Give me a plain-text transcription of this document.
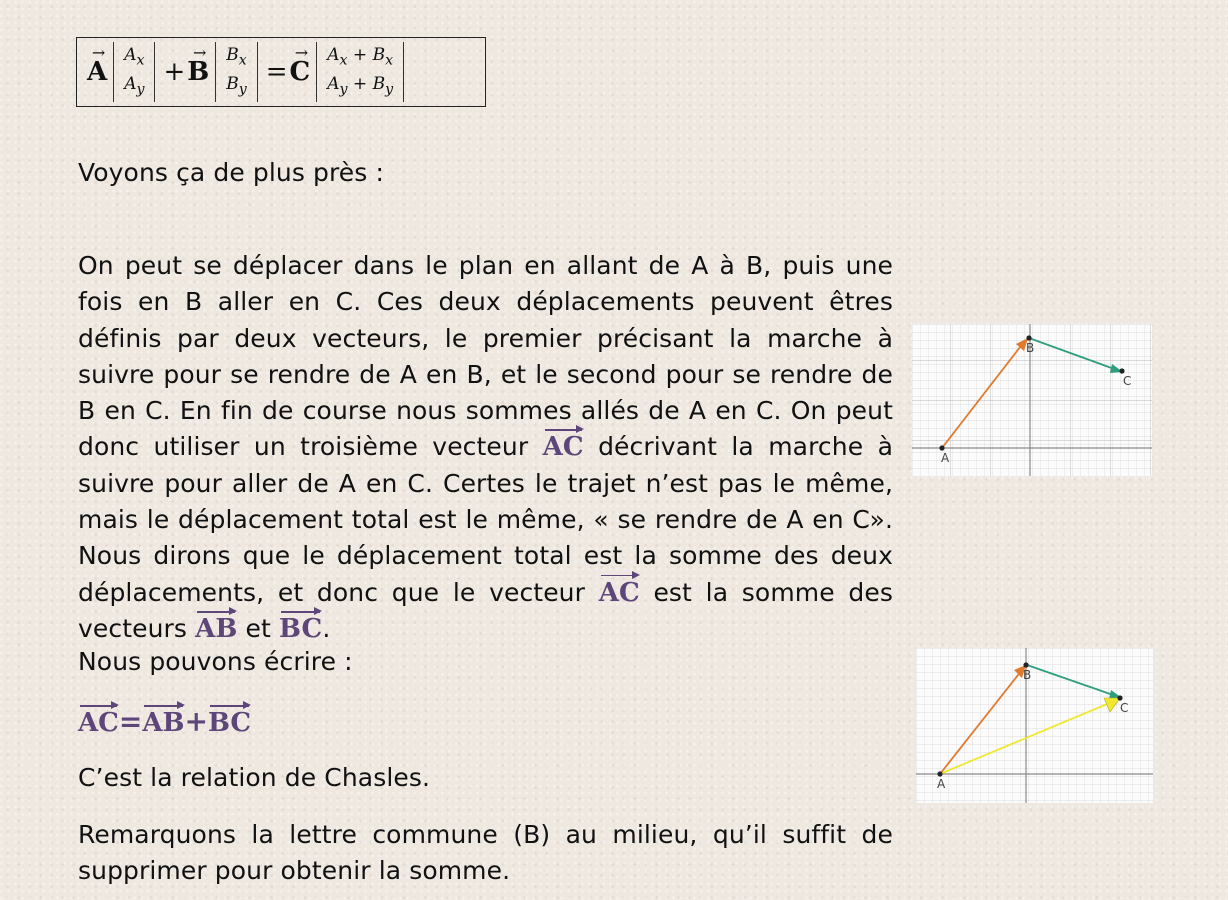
→
A
$A_x$
$A_y$
+
→
B
$B_x$
$B_y$
=
→
C
$A_x + B_x$
$A_y + B_y$
Voyons ça de plus près :
On peut se déplacer dans le plan en allant de A à B, puis une fois en B aller en C. Ces deux déplacements peuvent êtres définis par deux vecteurs, le premier précisant la marche à suivre pour se rendre de A en B, et le second pour se rendre de B en C. En fin de course nous sommes allés de A en C. On peut donc utiliser un troisième vecteur AC décrivant la marche à suivre pour aller de A en C. Certes le trajet n’est pas le même, mais le déplacement total est le même, « se rendre de A en C». Nous dirons que le déplacement total est la somme des deux déplacements, et donc que le vecteur AC est la somme des vecteurs AB et BC.
Nous pouvons écrire :
AC=AB+BC
C’est la relation de Chasles.
Remarquons la lettre commune (B) au milieu, qu’il suffit de supprimer pour obtenir la somme.
A
B
C
A
B
C
